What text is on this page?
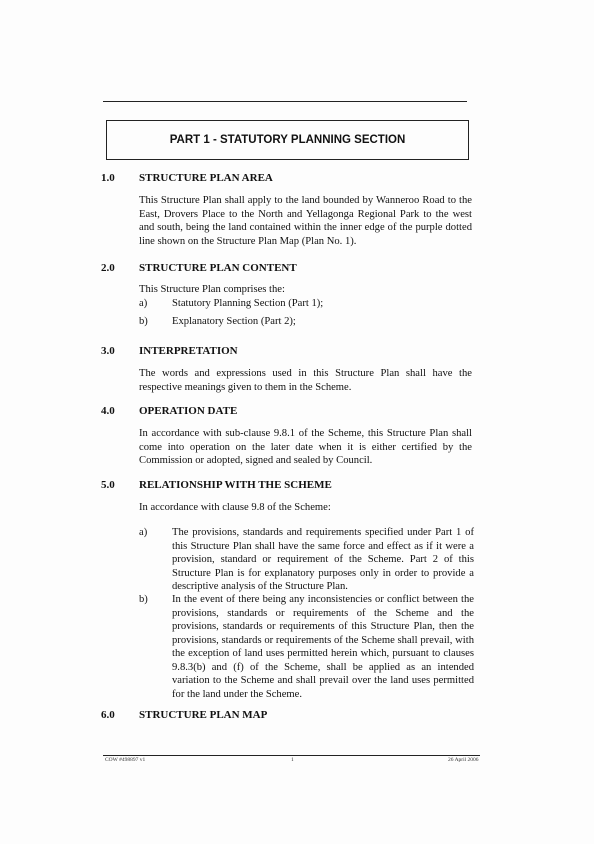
PART 1 - STATUTORY PLANNING SECTION
1.0 STRUCTURE PLAN AREA
This Structure Plan shall apply to the land bounded by Wanneroo Road to the East, Drovers Place to the North and Yellagonga Regional Park to the west and south, being the land contained within the inner edge of the purple dotted line shown on the Structure Plan Map (Plan No. 1).
2.0 STRUCTURE PLAN CONTENT
This Structure Plan comprises the:
a)	Statutory Planning Section (Part 1);
b)	Explanatory Section (Part 2);
3.0 INTERPRETATION
The words and expressions used in this Structure Plan shall have the respective meanings given to them in the Scheme.
4.0 OPERATION DATE
In accordance with sub-clause 9.8.1 of the Scheme, this Structure Plan shall come into operation on the later date when it is either certified by the Commission or adopted, signed and sealed by Council.
5.0 RELATIONSHIP WITH THE SCHEME
In accordance with clause 9.8 of the Scheme:
a)	The provisions, standards and requirements specified under Part 1 of this Structure Plan shall have the same force and effect as if it were a provision, standard or requirement of the Scheme. Part 2 of this Structure Plan is for explanatory purposes only in order to provide a descriptive analysis of the Structure Plan.
b)	In the event of there being any inconsistencies or conflict between the provisions, standards or requirements of the Scheme and the provisions, standards or requirements of this Structure Plan, then the provisions, standards or requirements of the Scheme shall prevail, with the exception of land uses permitted herein which, pursuant to clauses 9.8.3(b) and (f) of the Scheme, shall be applied as an intended variation to the Scheme and shall prevail over the land uses permitted for the land under the Scheme.
6.0 STRUCTURE PLAN MAP
COW #498897 v1	1	26 April 2006
